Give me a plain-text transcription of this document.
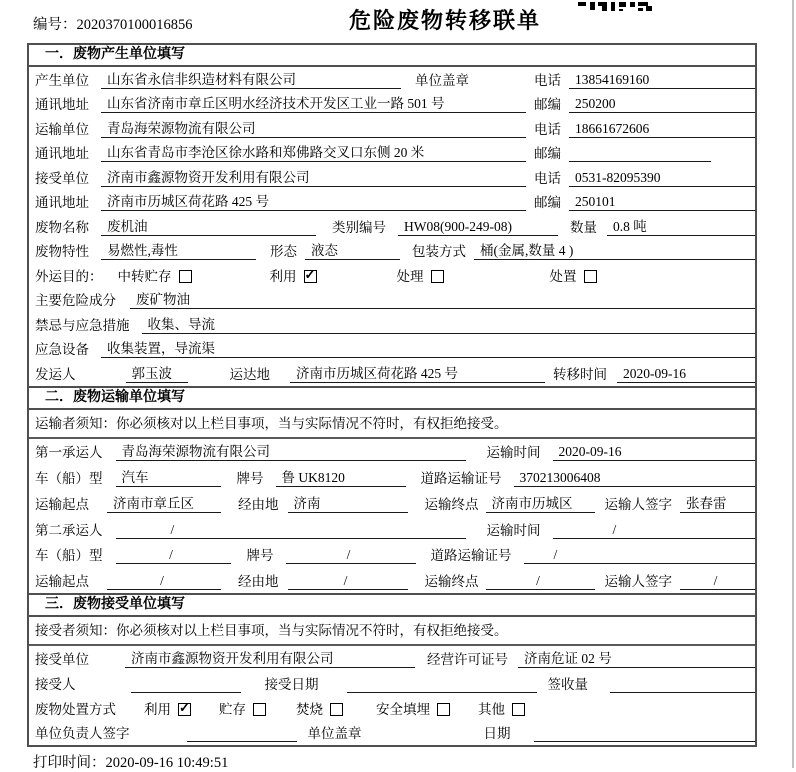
编号：2020370100016856	危险废物转移联单
一．废物产生单位填写
产生单位	山东省永信非织造材料有限公司	单位盖章	电话	13854169160
通讯地址	山东省济南市章丘区明水经济技术开发区工业一路 501 号	邮编	250200
运输单位	青岛海荣源物流有限公司	电话	18661672606
通讯地址	山东省青岛市李沧区徐水路和郑佛路交叉口东侧 20 米	邮编
接受单位	济南市鑫源物资开发利用有限公司	电话	0531-82095390
通讯地址	济南市历城区荷花路 425 号	邮编	250101
废物名称	废机油	类别编号	HW08(900-249-08)	数量	0.8 吨
废物特性	易燃性,毒性	形态	液态	包装方式	桶(金属,数量 4 )
外运目的： 中转贮存	利用 ✓	处理	处置
主要危险成分	废矿物油
禁忌与应急措施	收集、导流
应急设备	收集装置，导流渠
发运人	郭玉波	运达地	济南市历城区荷花路 425 号	转移时间	2020-09-16
二．废物运输单位填写
运输者须知：你必须核对以上栏目事项，当与实际情况不符时，有权拒绝接受。
第一承运人	青岛海荣源物流有限公司	运输时间	2020-09-16
车（船）型	汽车	牌号	鲁 UK8120	道路运输证号	370213006408
运输起点	济南市章丘区	经由地	济南	运输终点 济南市历城区	运输人签字	张春雷
第二承运人	/	运输时间	/
车（船）型	/	牌号	/	道路运输证号	/
运输起点	/	经由地	/	运输终点	/	运输人签字	/
三．废物接受单位填写
接受者须知：你必须核对以上栏目事项，当与实际情况不符时，有权拒绝接受。
接受单位	济南市鑫源物资开发利用有限公司	经营许可证号	济南危证 02 号
接受人	接受日期	签收量
废物处置方式 利用 ✓	贮存	焚烧	安全填埋	其他
单位负责人签字	单位盖章	日期
打印时间：2020-09-16 10:49:51
